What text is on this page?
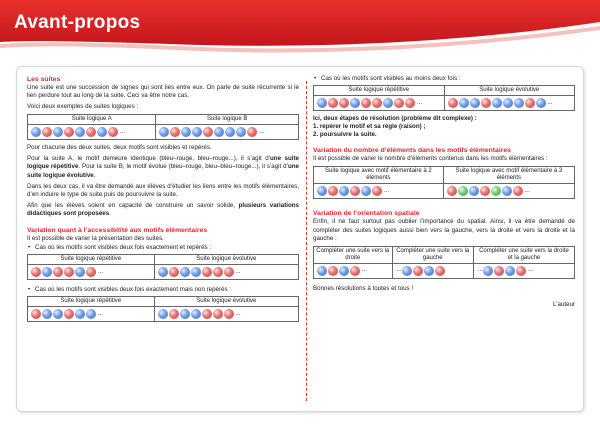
Avant-propos
Les suites

Une suite est une succession de signes qui sont liés entre eux. On parle de suite récurrente si le lien perdure tout au long de la suite. Ceci va être notre cas.

Voici deux exemples de suites logiques :

Suite logique A	Suite logique B
...	...

Pour chacune des deux suites, deux motifs sont visibles et repérés.

Pour la suite A, le motif demeure identique (bleu–rouge, bleu–rouge...), il s’agit d’une suite logique répétitive. Pour la suite B, le motif évolue (bleu–rouge, bleu–bleu–rouge...), il s’agit d’une suite logique évolutive.

Dans les deux cas, il va être demandé aux élèves d’étudier les liens entre les motifs élémentaires, d’en induire le type de suite puis de poursuivre la suite.

Afin que les élèves soient en capacité de construire un savoir solide, plusieurs variations didactiques sont proposées.

Variation quant à l’accessibilité aux motifs élémentaires

Il est possible de varier la présentation des suites.

• Cas où les motifs sont visibles deux fois exactement et repérés :
Suite logique répétitive	Suite logique évolutive
...	...
• Cas où les motifs sont visibles deux fois exactement mais non repérés :
Suite logique répétitive	Suite logique évolutive
...	...
• Cas où les motifs sont visibles au moins deux fois :
Suite logique répétitive	Suite logique évolutive
...	...
Ici, deux étapes de résolution (problème dit complexe) :
1. repérer le motif et sa règle (raison) ;
2. poursuivre la suite.
Variation du nombre d’éléments dans les motifs élémentaires

Il est possible de varier le nombre d’éléments contenus dans les motifs élémentaires :

Suite logique avec motif élémentaire à 2 éléments	Suite logique avec motif élémentaire à 3 éléments
...	...
Variation de l’orientation spatiale

Enfin, il ne faut surtout pas oublier l’importance du spatial. Ainsi, il va être demandé de compléter des suites logiques aussi bien vers la gauche, vers la droite et vers la droite et la gauche :

Compléter une suite vers la droite	Compléter une suite vers la gauche	Compléter une suite vers la droite et la gauche
...	...	... ...

Bonnes résolutions à toutes et tous !

L’auteur
